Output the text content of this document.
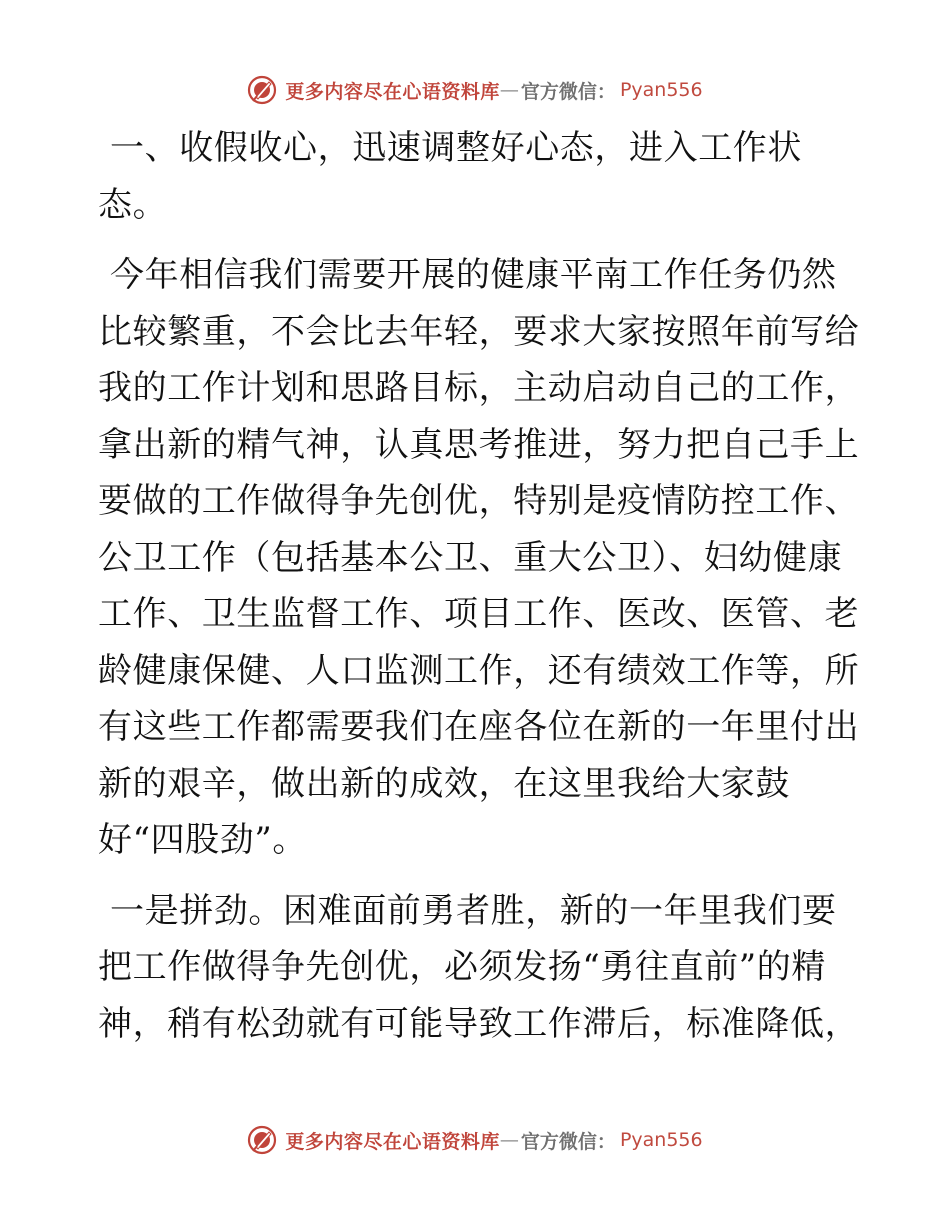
更多内容尽在心语资料库 — 官方微信： Pyan556
一、收假收心，迅速调整好心态，进入工作状
态。
今年相信我们需要开展的健康平南工作任务仍然
比较繁重，不会比去年轻，要求大家按照年前写给
我的工作计划和思路目标，主动启动自己的工作，
拿出新的精气神，认真思考推进，努力把自己手上
要做的工作做得争先创优，特别是疫情防控工作、
公卫工作（包括基本公卫、重大公卫）、妇幼健康
工作、卫生监督工作、项目工作、医改、医管、老
龄健康保健、人口监测工作，还有绩效工作等，所
有这些工作都需要我们在座各位在新的一年里付出
新的艰辛，做出新的成效，在这里我给大家鼓
好“四股劲”。
一是拼劲。困难面前勇者胜，新的一年里我们要
把工作做得争先创优，必须发扬“勇往直前”的精
神，稍有松劲就有可能导致工作滞后，标准降低，
更多内容尽在心语资料库 — 官方微信： Pyan556
